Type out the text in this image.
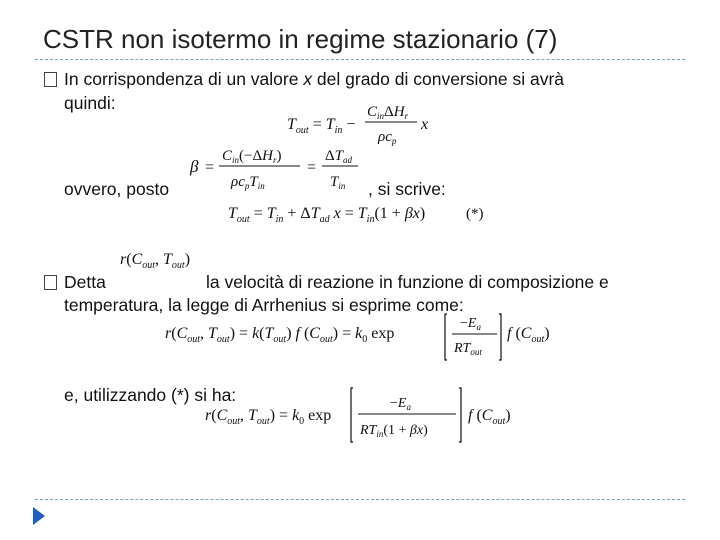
CSTR non isotermo in regime stazionario (7)
In corrispondenza di un valore x del grado di conversione si avrà
quindi:
ovvero, posto	, si scrive:
Detta	la velocità di reazione in funzione di composizione e
temperatura, la legge di Arrhenius si esprime come:
e, utilizzando (*) si ha:
$T_{out} = T_{in}$ −
$C_{in}\Delta H_r$
$\rho c_p$
x
β =
$C_{in}(-\Delta H_r)$
$\rho c_pT_{in}$
=
$\Delta T_{ad}$
$T_{in}$
$T_{out} = T_{in} + \Delta T_{ad}$ $x = T_{in}(1 + \beta x)$	(*)
$r(C_{out}$, $T_{out}$)
$r(C_{out}$, $T_{out}) = k(T_{out})$ f $(C_{out}) = k_0$ exp
$-E_a$
$RT_{out}$
f $(C_{out})$
$r(C_{out}$, $T_{out}) = k_0$ exp
$-E_a$
$RT_{in}(1 + \beta x)$
f $(C_{out})$
